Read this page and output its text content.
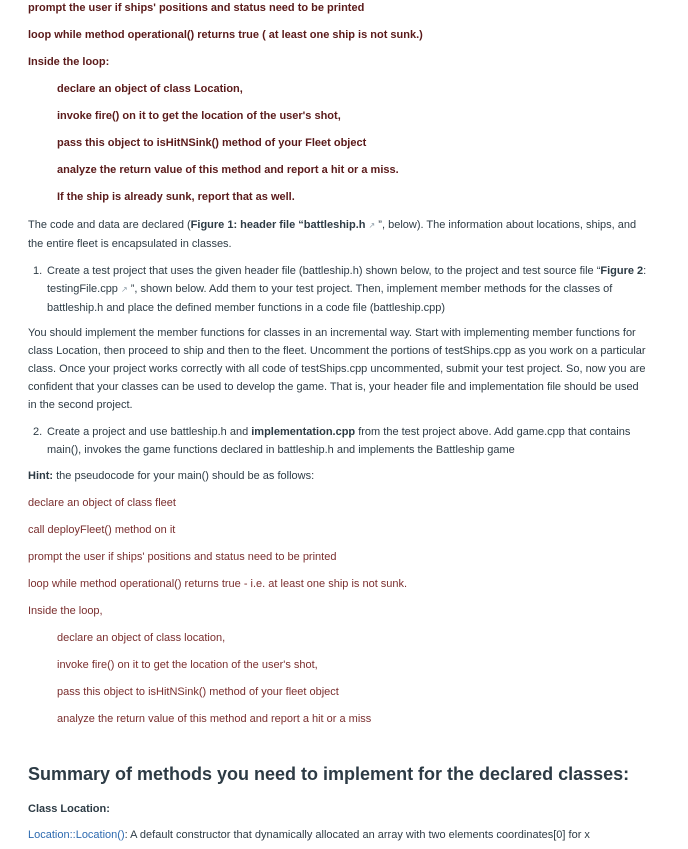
prompt the user if ships' positions and status need to be printed
loop while method operational() returns true ( at least one ship is not sunk.)
Inside the loop:
declare an object of class Location,
invoke fire() on it to get the location of the user's shot,
pass this object to isHitNSink() method of your Fleet object
analyze the return value of this method and report a hit or a miss.
If the ship is already sunk, report that as well.
The code and data are declared (Figure 1: header file “battleship.h ↗ ”, below). The information about locations, ships, and the entire fleet is encapsulated in classes.
1. Create a test project that uses the given header file (battleship.h) shown below, to the project and test source file “Figure 2: testingFile.cpp ↗ ”, shown below. Add them to your test project. Then, implement member methods for the classes of battleship.h and place the defined member functions in a code file (battleship.cpp)
You should implement the member functions for classes in an incremental way. Start with implementing member functions for class Location, then proceed to ship and then to the fleet. Uncomment the portions of testShips.cpp as you work on a particular class. Once your project works correctly with all code of testShips.cpp uncommented, submit your test project. So, now you are confident that your classes can be used to develop the game. That is, your header file and implementation file should be used in the second project.
2. Create a project and use battleship.h and implementation.cpp from the test project above. Add game.cpp that contains main(), invokes the game functions declared in battleship.h and implements the Battleship game
Hint: the pseudocode for your main() should be as follows:
declare an object of class fleet
call deployFleet() method on it
prompt the user if ships' positions and status need to be printed
loop while method operational() returns true - i.e. at least one ship is not sunk.
Inside the loop,
declare an object of class location,
invoke fire() on it to get the location of the user's shot,
pass this object to isHitNSink() method of your fleet object
analyze the return value of this method and report a hit or a miss
Summary of methods you need to implement for the declared classes:
Class Location:
Location::Location(): A default constructor that dynamically allocated an array with two elements coordinates[0] for x
